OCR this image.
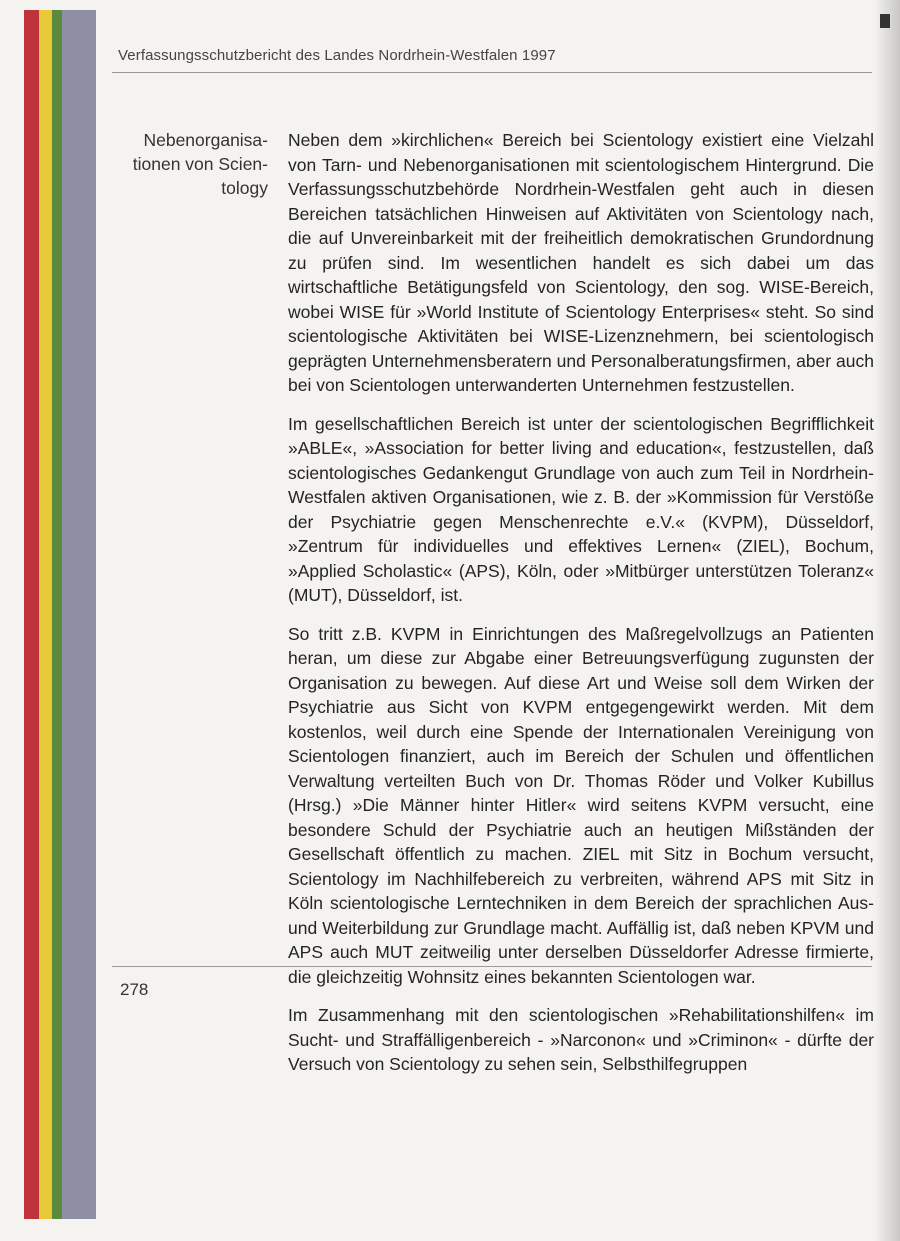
Verfassungsschutzbericht des Landes Nordrhein-Westfalen 1997
Nebenorganisa-tionen von Scien-tology

Neben dem »kirchlichen« Bereich bei Scientology existiert eine Vielzahl von Tarn- und Nebenorganisationen mit scientologischem Hintergrund. Die Verfassungsschutzbehörde Nordrhein-Westfalen geht auch in diesen Bereichen tatsächlichen Hinweisen auf Aktivitäten von Scientology nach, die auf Unvereinbarkeit mit der freiheitlich demokratischen Grundordnung zu prüfen sind. Im wesentlichen handelt es sich dabei um das wirtschaftliche Betätigungsfeld von Scientology, den sog. WISE-Bereich, wobei WISE für »World Institute of Scientology Enterprises« steht. So sind scientologische Aktivitäten bei WISE-Lizenznehmern, bei scientologisch geprägten Unternehmensberatern und Personalberatungsfirmen, aber auch bei von Scientologen unterwanderten Unternehmen festzustellen.

Im gesellschaftlichen Bereich ist unter der scientologischen Begrifflichkeit »ABLE«, »Association for better living and education«, festzustellen, daß scientologisches Gedankengut Grundlage von auch zum Teil in Nordrhein-Westfalen aktiven Organisationen, wie z. B. der »Kommission für Verstöße der Psychiatrie gegen Menschenrechte e.V.« (KVPM), Düsseldorf, »Zentrum für individuelles und effektives Lernen« (ZIEL), Bochum, »Applied Scholastic« (APS), Köln, oder »Mitbürger unterstützen Toleranz« (MUT), Düsseldorf, ist.

So tritt z.B. KVPM in Einrichtungen des Maßregelvollzugs an Patienten heran, um diese zur Abgabe einer Betreuungsverfügung zugunsten der Organisation zu bewegen. Auf diese Art und Weise soll dem Wirken der Psychiatrie aus Sicht von KVPM entgegengewirkt werden. Mit dem kostenlos, weil durch eine Spende der Internationalen Vereinigung von Scientologen finanziert, auch im Bereich der Schulen und öffentlichen Verwaltung verteilten Buch von Dr. Thomas Röder und Volker Kubillus (Hrsg.) »Die Männer hinter Hitler« wird seitens KVPM versucht, eine besondere Schuld der Psychiatrie auch an heutigen Mißständen der Gesellschaft öffentlich zu machen. ZIEL mit Sitz in Bochum versucht, Scientology im Nachhilfebereich zu verbreiten, während APS mit Sitz in Köln scientologische Lerntechniken in dem Bereich der sprachlichen Aus- und Weiterbildung zur Grundlage macht. Auffällig ist, daß neben KPVM und APS auch MUT zeitweilig unter derselben Düsseldorfer Adresse firmierte, die gleichzeitig Wohnsitz eines bekannten Scientologen war.

Im Zusammenhang mit den scientologischen »Rehabilitationshilfen« im Sucht- und Straffälligenbereich - »Narconon« und »Criminon« - dürfte der Versuch von Scientology zu sehen sein, Selbsthilfegruppen

278
